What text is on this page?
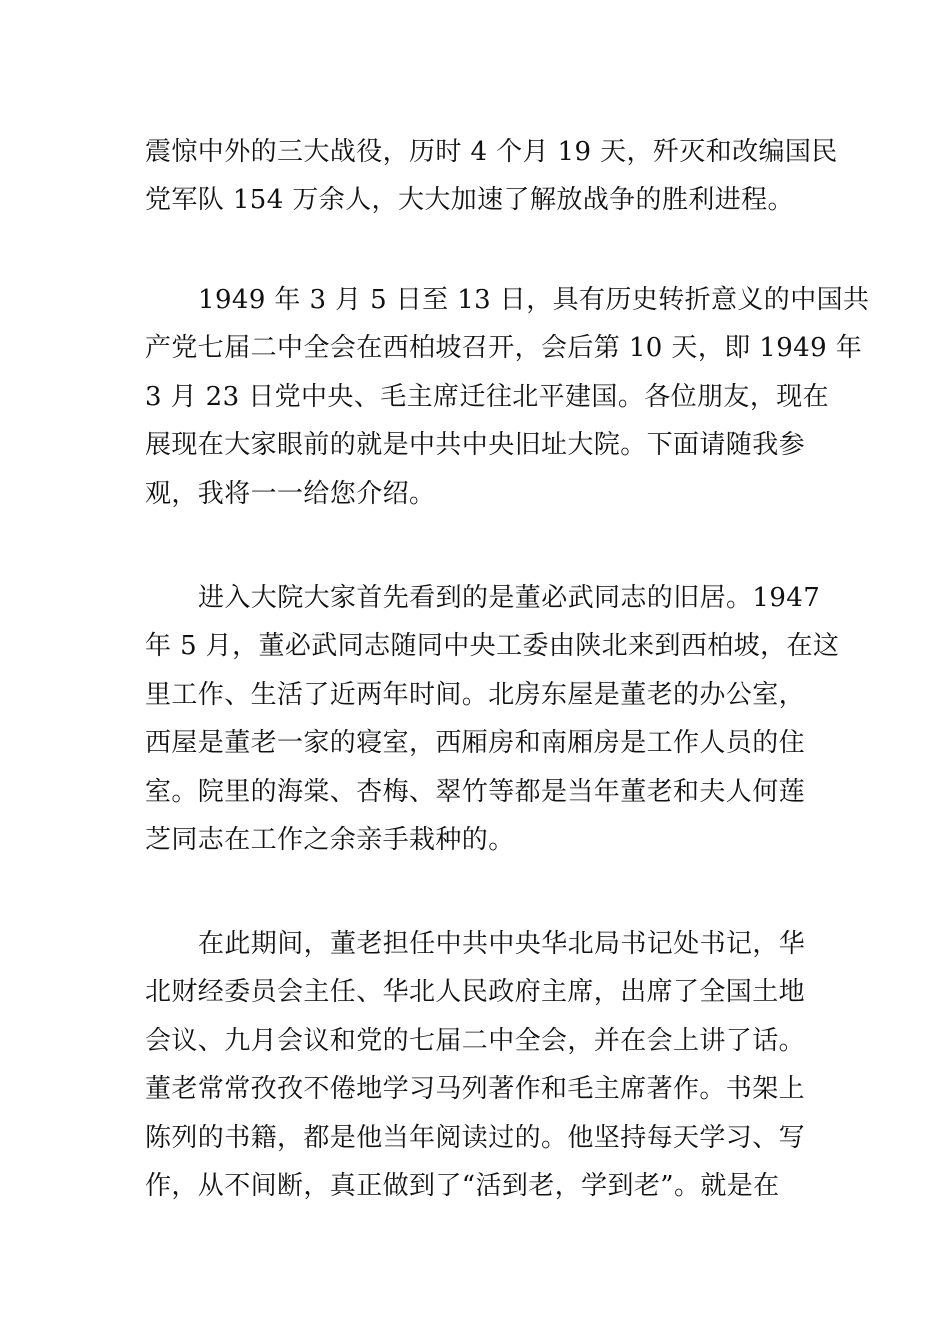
震惊中外的三大战役，历时 4 个月 19 天，歼灭和改编国民
党军队 154 万余人，大大加速了解放战争的胜利进程。
1949 年 3 月 5 日至 13 日，具有历史转折意义的中国共
产党七届二中全会在西柏坡召开，会后第 10 天，即 1949 年
3 月 23 日党中央、毛主席迁往北平建国。各位朋友，现在
展现在大家眼前的就是中共中央旧址大院。下面请随我参
观，我将一一给您介绍。
进入大院大家首先看到的是董必武同志的旧居。1947
年 5 月，董必武同志随同中央工委由陕北来到西柏坡，在这
里工作、生活了近两年时间。北房东屋是董老的办公室，
西屋是董老一家的寝室，西厢房和南厢房是工作人员的住
室。院里的海棠、杏梅、翠竹等都是当年董老和夫人何莲
芝同志在工作之余亲手栽种的。
在此期间，董老担任中共中央华北局书记处书记，华
北财经委员会主任、华北人民政府主席，出席了全国土地
会议、九月会议和党的七届二中全会，并在会上讲了话。
董老常常孜孜不倦地学习马列著作和毛主席著作。书架上
陈列的书籍，都是他当年阅读过的。他坚持每天学习、写
作，从不间断，真正做到了“活到老，学到老”。就是在
